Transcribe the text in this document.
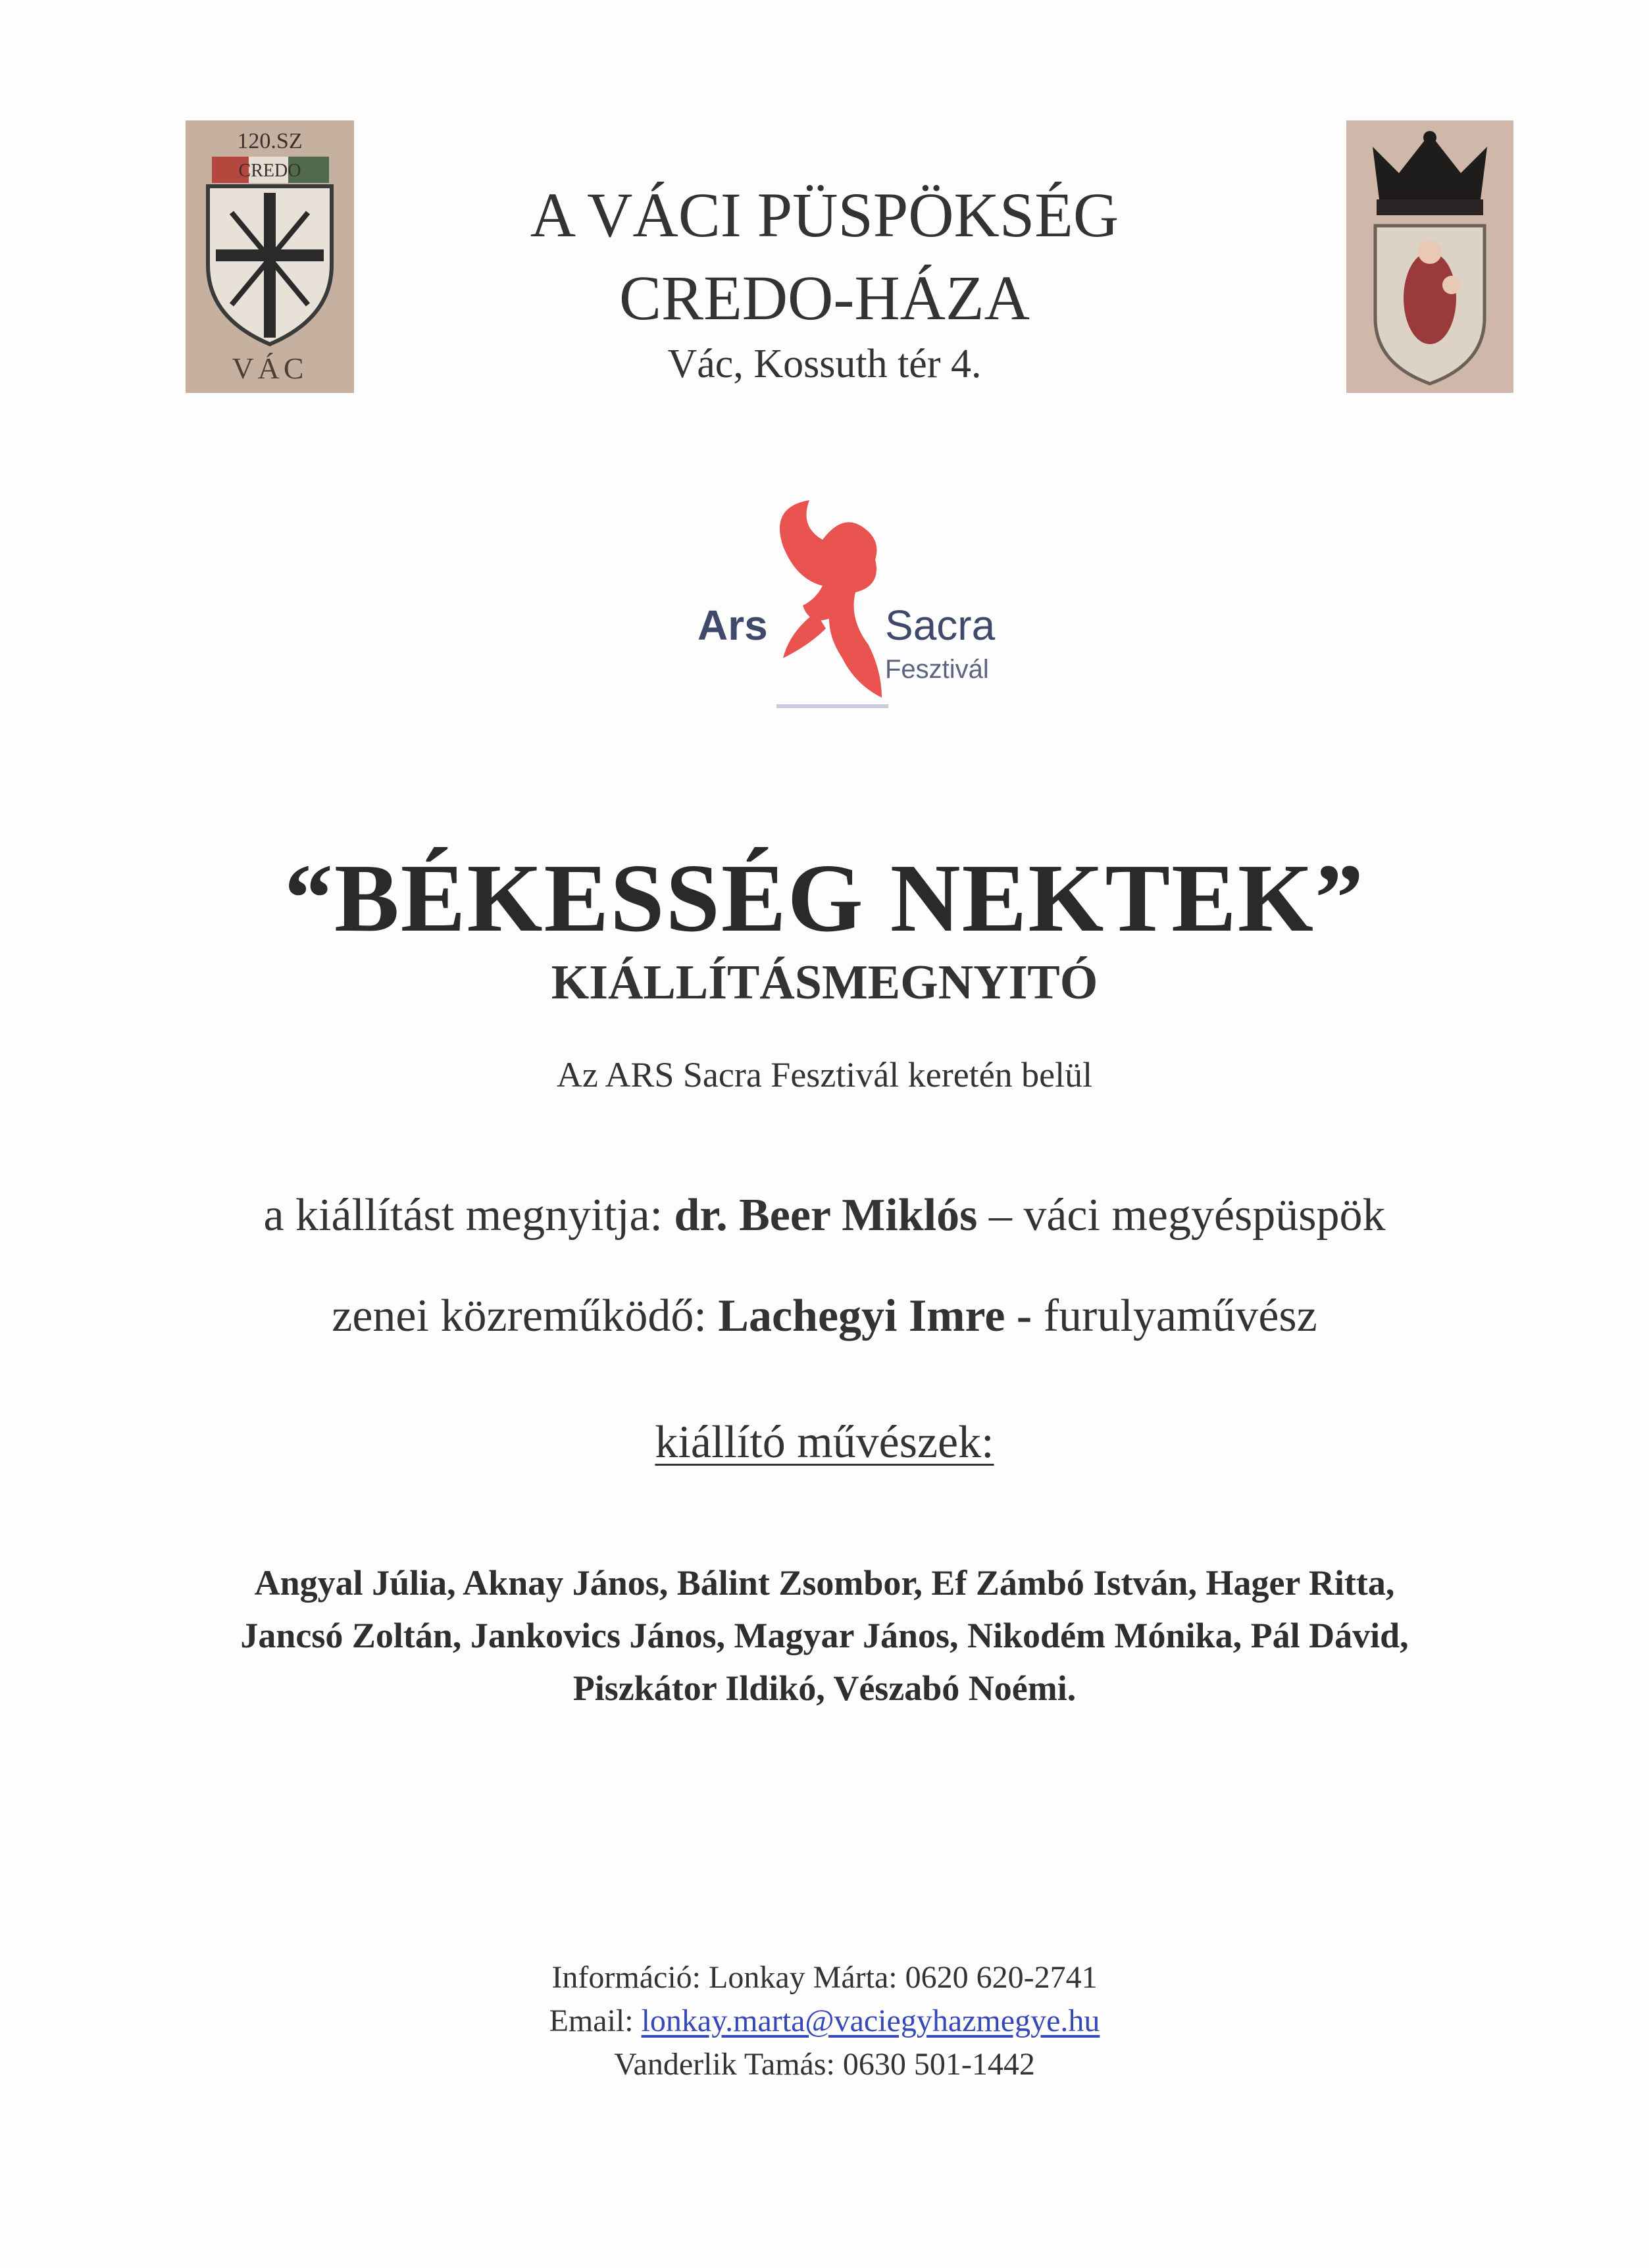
120.SZ
CREDO
VÁC
A VÁCI PÜSPÖKSÉG
CREDO-HÁZA
Vác, Kossuth tér 4.
Ars	Sacra
Fesztivál
“BÉKESSÉG NEKTEK”
KIÁLLÍTÁSMEGNYITÓ
Az ARS Sacra Fesztivál keretén belül
a kiállítást megnyitja: dr. Beer Miklós – váci megyéspüspök
zenei közreműködő: Lachegyi Imre - furulyaművész
kiállító művészek:
Angyal Júlia, Aknay János, Bálint Zsombor, Ef Zámbó István, Hager Ritta,
Jancsó Zoltán, Jankovics János, Magyar János, Nikodém Mónika, Pál Dávid,
Piszkátor Ildikó, Vészabó Noémi.
Információ: Lonkay Márta: 0620 620-2741
Email: lonkay.marta@vaciegyhazmegye.hu
Vanderlik Tamás: 0630 501-1442
